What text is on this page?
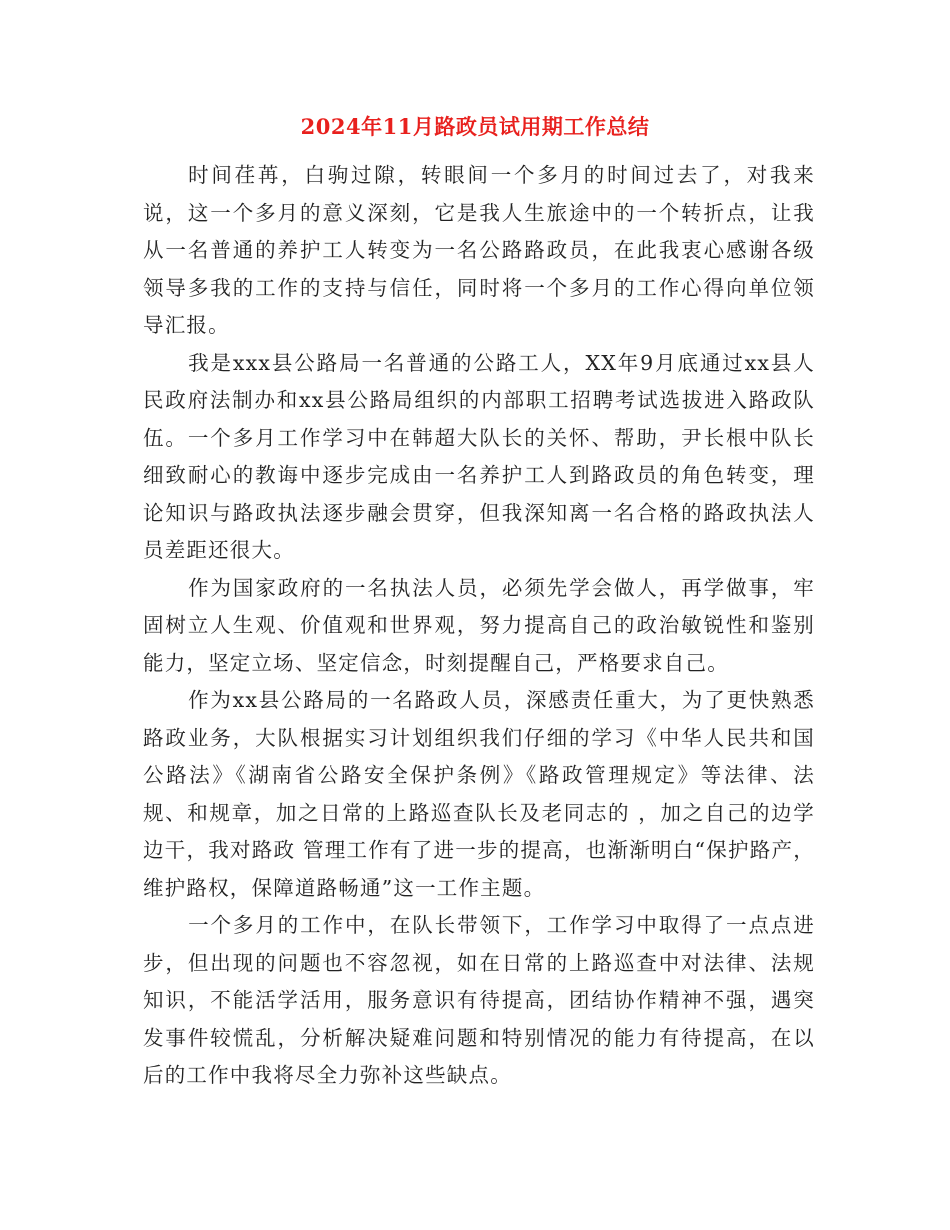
2024年11月路政员试用期工作总结

时间荏苒，白驹过隙，转眼间一个多月的时间过去了，对我来说，这一个多月的意义深刻，它是我人生旅途中的一个转折点，让我从一名普通的养护工人转变为一名公路路政员，在此我衷心感谢各级领导多我的工作的支持与信任，同时将一个多月的工作心得向单位领导汇报。

我是xxx县公路局一名普通的公路工人，XX年9月底通过xx县人民政府法制办和xx县公路局组织的内部职工招聘考试选拔进入路政队伍。一个多月工作学习中在韩超大队长的关怀、帮助，尹长根中队长细致耐心的教诲中逐步完成由一名养护工人到路政员的角色转变，理论知识与路政执法逐步融会贯穿，但我深知离一名合格的路政执法人员差距还很大。

作为国家政府的一名执法人员，必须先学会做人，再学做事，牢固树立人生观、价值观和世界观，努力提高自己的政治敏锐性和鉴别能力，坚定立场、坚定信念，时刻提醒自己，严格要求自己。

作为xx县公路局的一名路政人员，深感责任重大，为了更快熟悉路政业务，大队根据实习计划组织我们仔细的学习《中华人民共和国公路法》《湖南省公路安全保护条例》《路政管理规定》等法律、法规、和规章，加之日常的上路巡查队长及老同志的 ，加之自己的边学边干，我对路政 管理工作有了进一步的提高，也渐渐明白“保护路产，维护路权，保障道路畅通”这一工作主题。

一个多月的工作中，在队长带领下，工作学习中取得了一点点进步，但出现的问题也不容忽视，如在日常的上路巡查中对法律、法规知识，不能活学活用，服务意识有待提高，团结协作精神不强，遇突发事件较慌乱，分析解决疑难问题和特别情况的能力有待提高，在以后的工作中我将尽全力弥补这些缺点。
